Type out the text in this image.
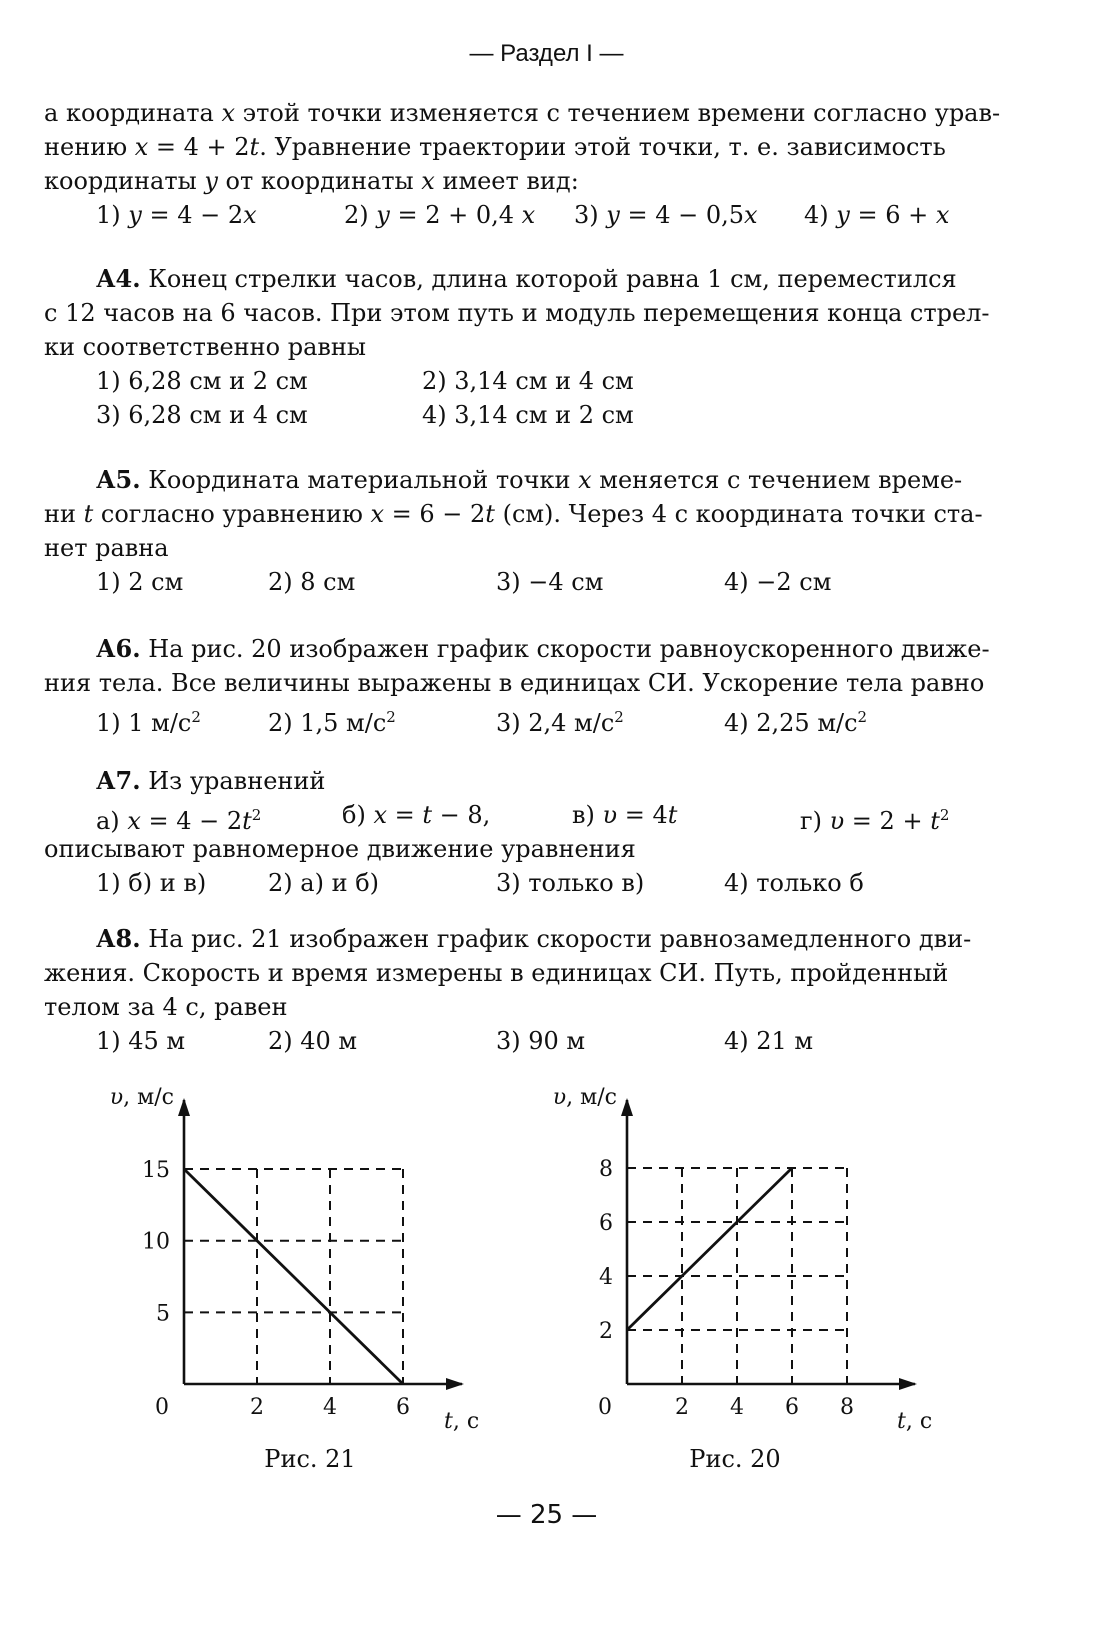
— Раздел I —
а координата x этой точки изменяется с течением времени согласно урав-
нению x = 4 + 2t. Уравнение траектории этой точки, т. е. зависимость
координаты y от координаты x имеет вид:
1) y = 4 − 2x	2) y = 2 + 0,4 x 3) y = 4 − 0,5x 4) y = 6 + x
А4. Конец стрелки часов, длина которой равна 1 см, переместился
с 12 часов на 6 часов. При этом путь и модуль перемещения конца стрел-
ки соответственно равны
1) 6,28 см и 2 см	2) 3,14 см и 4 см
3) 6,28 см и 4 см	4) 3,14 см и 2 см
А5. Координата материальной точки x меняется с течением време-
ни t согласно уравнению x = 6 − 2t (см). Через 4 с координата точки ста-
нет равна
1) 2 см	2) 8 см	3) −4 см	4) −2 см
А6. На рис. 20 изображен график скорости равноускоренного движе-
ния тела. Все величины выражены в единицах СИ. Ускорение тела равно
1) 1 $м/с^2$	2) 1,5 $м/с^2$	3) 2,4 $м/с^2$	4) 2,25 $м/с^2$
А7. Из уравнений
а) $x = 4 - 2t^2$	б) x = t − 8,	в) υ = 4t	г) $\upsilon = 2 + t^2$
описывают равномерное движение уравнения
1) б) и в)	2) а) и б)	3) только в)	4) только б
А8. На рис. 21 изображен график скорости равнозамедленного дви-
жения. Скорость и время измерены в единицах СИ. Путь, пройденный
телом за 4 с, равен
1) 45 м	2) 40 м	3) 90 м	4) 21 м
2	4	6
5
10
15
0
υ, м/с
t, с
Рис. 21
2 4 6 8
2
4
6
8
0
υ, м/с
t, с
Рис. 20
— 25 —
